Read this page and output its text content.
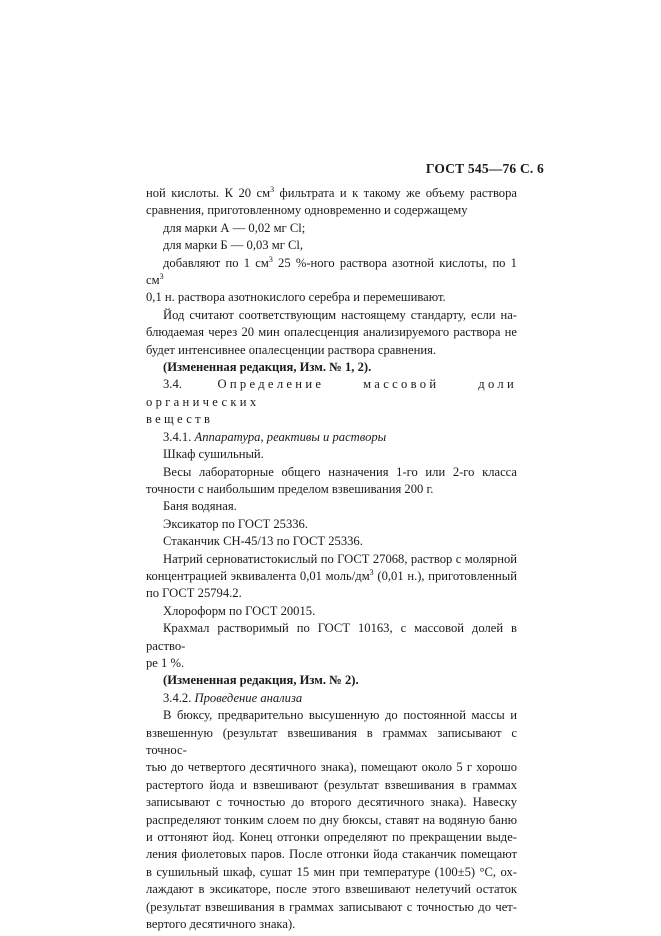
ГОСТ 545—76 С. 6

ной кислоты. К 20 $см^3$ фильтрата и к такому же объему раствора

сравнения, приготовленному одновременно и содержащему

для марки А — 0,02 мг Cl;

для марки Б — 0,03 мг Cl,

добавляют по 1 $см^3$ 25 %-ного раствора азотной кислоты, по 1 $см^3$

0,1 н. раствора азотнокислого серебра и перемешивают.

Йод считают соответствующим настоящему стандарту, если на-

блюдаемая через 20 мин опалесценция анализируемого раствора не

будет интенсивнее опалесценции раствора сравнения.

(Измененная редакция, Изм. № 1, 2).

3.4.	Определение массовой доли органических

веществ

3.4.1. Аппаратура, реактивы и растворы

Шкаф сушильный.

Весы лабораторные общего назначения 1-го или 2-го класса

точности с наибольшим пределом взвешивания 200 г.

Баня водяная.

Эксикатор по ГОСТ 25336.

Стаканчик СН-45/13 по ГОСТ 25336.

Натрий серноватистокислый по ГОСТ 27068, раствор с молярной

концентрацией эквивалента 0,01 моль/$дм^3$ (0,01 н.), приготовленный

по ГОСТ 25794.2.

Хлороформ по ГОСТ 20015.

Крахмал растворимый по ГОСТ 10163, с массовой долей в раство-

ре 1 %.

(Измененная редакция, Изм. № 2).

3.4.2. Проведение анализа

В бюксу, предварительно высушенную до постоянной массы и

взвешенную (результат взвешивания в граммах записывают с точнос-

тью до четвертого десятичного знака), помещают около 5 г хорошо

растертого йода и взвешивают (результат взвешивания в граммах

записывают с точностью до второго десятичного знака). Навеску

распределяют тонким слоем по дну бюксы, ставят на водяную баню

и оттоняют йод. Конец отгонки определяют по прекращении выде-

ления фиолетовых паров. После отгонки йода стаканчик помещают

в сушильный шкаф, сушат 15 мин при температуре (100±5) °С, ох-

лаждают в эксикаторе, после этого взвешивают нелетучий остаток

(результат взвешивания в граммах записывают с точностью до чет-

вертого десятичного знака).
